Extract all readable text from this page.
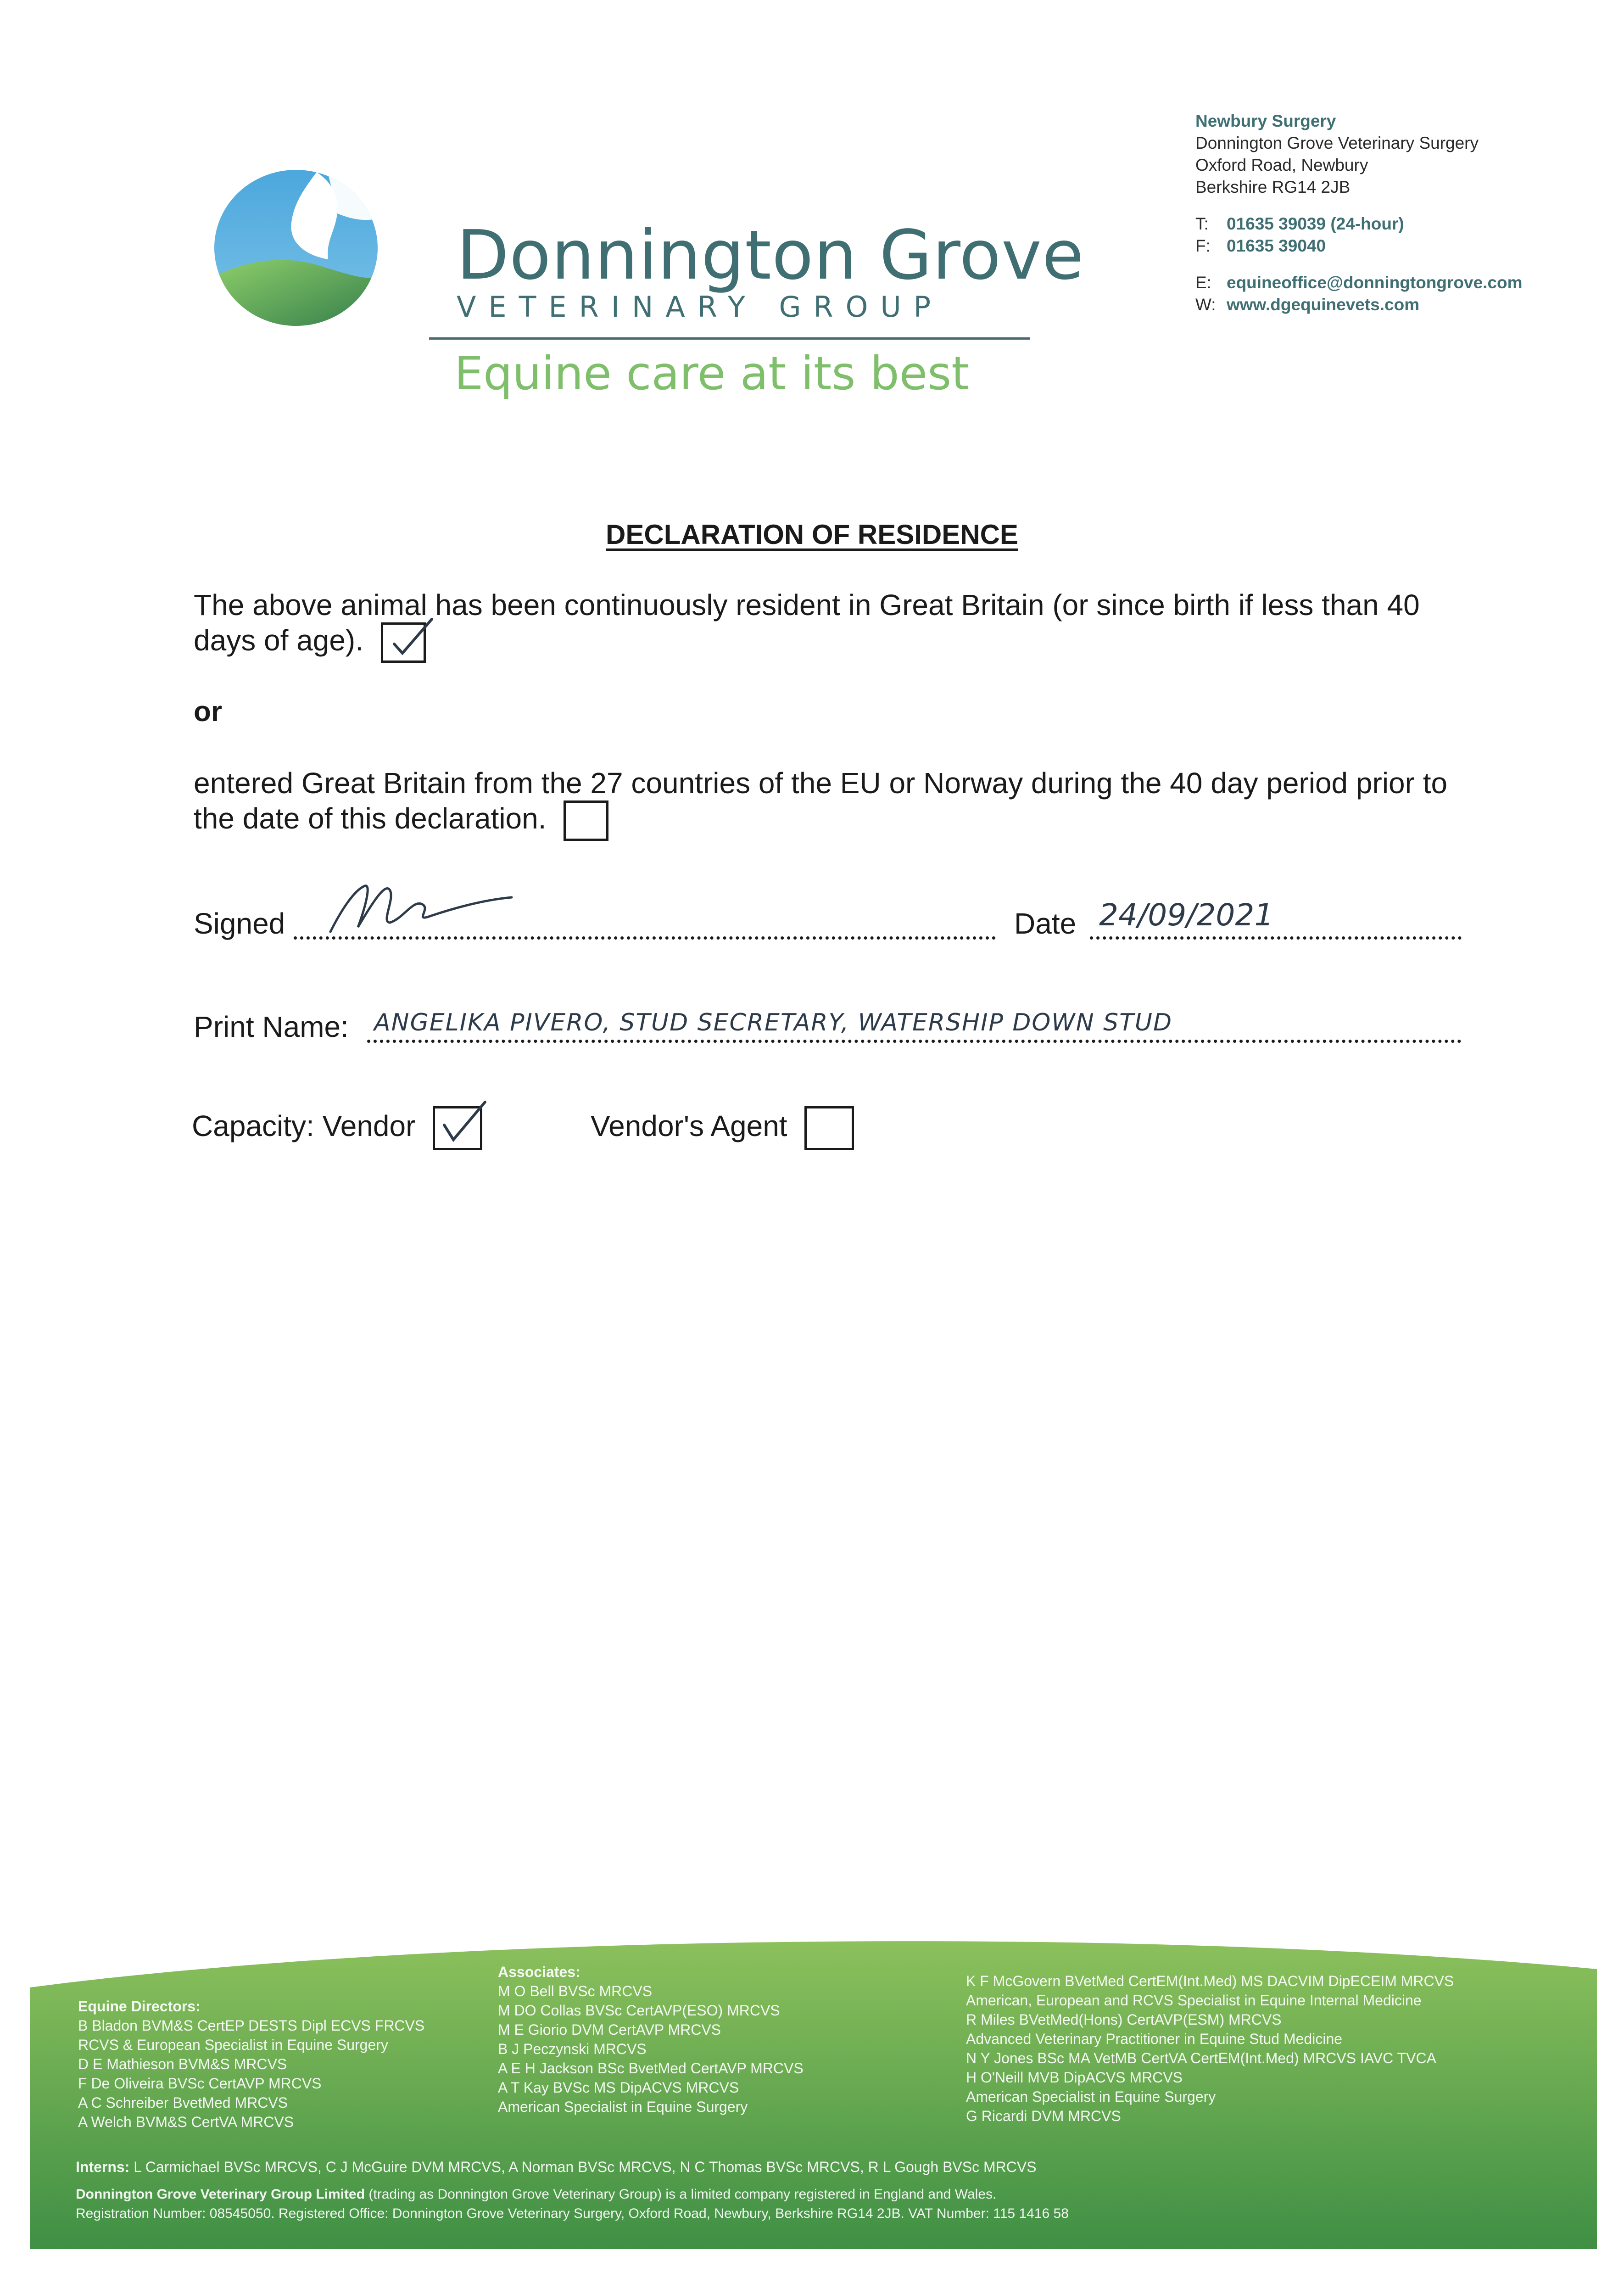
Donnington Grove
VETERINARY GROUP
Equine care at its best
Newbury Surgery
Donnington Grove Veterinary Surgery
Oxford Road, Newbury
Berkshire RG14 2JB
T: 01635 39039 (24-hour)
F: 01635 39040
E: equineoffice@donningtongrove.com
W: www.dgequinevets.com
DECLARATION OF RESIDENCE
The above animal has been continuously resident in Great Britain (or since birth if less than 40 days of age).
or
entered Great Britain from the 27 countries of the EU or Norway during the 40 day period prior to the date of this declaration.
Signed	Date 24/09/2021
Print Name: ANGELIKA PIVERO, STUD SECRETARY, WATERSHIP DOWN STUD
Capacity: Vendor	Vendor's Agent
Equine Directors:
B Bladon BVM&S CertEP DESTS Dipl ECVS FRCVS
RCVS & European Specialist in Equine Surgery
D E Mathieson BVM&S MRCVS
F De Oliveira BVSc CertAVP MRCVS
A C Schreiber BvetMed MRCVS
A Welch BVM&S CertVA MRCVS
Associates:
M O Bell BVSc MRCVS
M DO Collas BVSc CertAVP(ESO) MRCVS
M E Giorio DVM CertAVP MRCVS
B J Peczynski MRCVS
A E H Jackson BSc BvetMed CertAVP MRCVS
A T Kay BVSc MS DipACVS MRCVS
American Specialist in Equine Surgery
K F McGovern BVetMed CertEM(Int.Med) MS DACVIM DipECEIM MRCVS
American, European and RCVS Specialist in Equine Internal Medicine
R Miles BVetMed(Hons) CertAVP(ESM) MRCVS
Advanced Veterinary Practitioner in Equine Stud Medicine
N Y Jones BSc MA VetMB CertVA CertEM(Int.Med) MRCVS IAVC TVCA
H O'Neill MVB DipACVS MRCVS
American Specialist in Equine Surgery
G Ricardi DVM MRCVS
Interns: L Carmichael BVSc MRCVS, C J McGuire DVM MRCVS, A Norman BVSc MRCVS, N C Thomas BVSc MRCVS, R L Gough BVSc MRCVS
Donnington Grove Veterinary Group Limited (trading as Donnington Grove Veterinary Group) is a limited company registered in England and Wales.
Registration Number: 08545050. Registered Office: Donnington Grove Veterinary Surgery, Oxford Road, Newbury, Berkshire RG14 2JB. VAT Number: 115 1416 58
